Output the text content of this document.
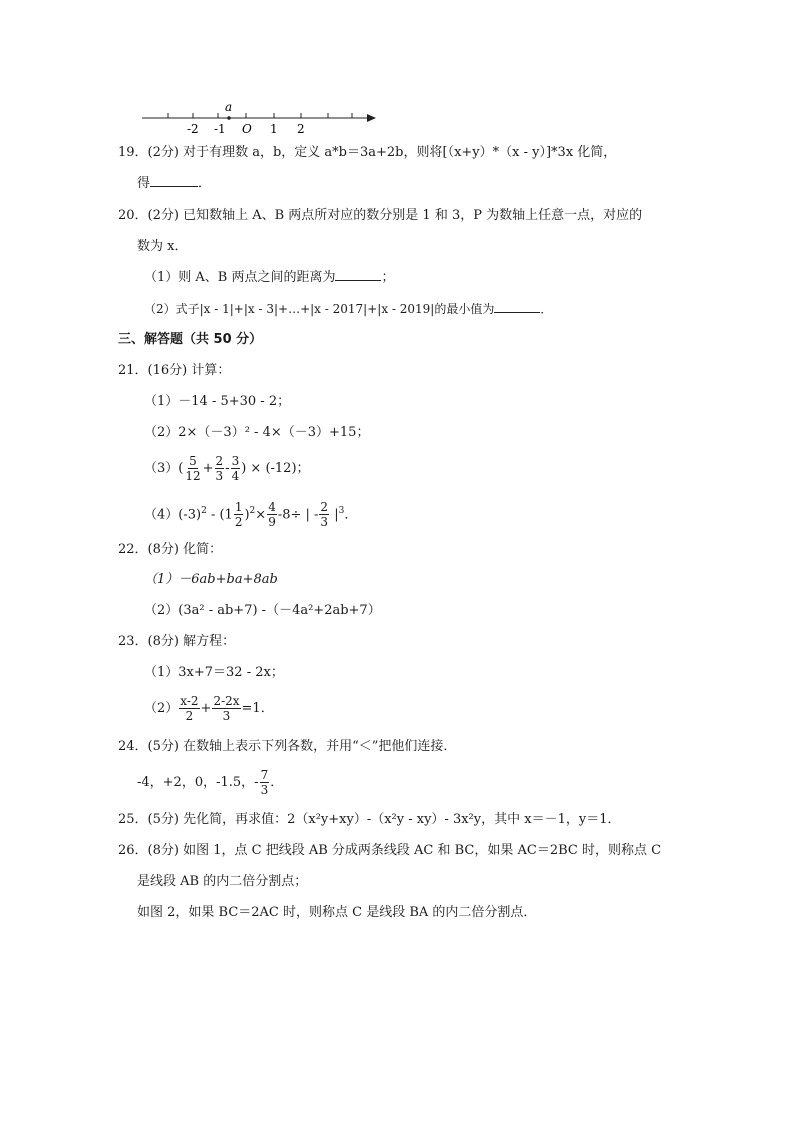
a
-2 -1 O 1 2
19．(2分) 对于有理数 a，b，定义 a*b＝3a+2b，则将[（x+y）*（x - y）]*3x 化简，
得	．
20．(2分) 已知数轴上 A、B 两点所对应的数分别是 1 和 3，P 为数轴上任意一点，对应的
数为 x．
（1）则 A、B 两点之间的距离为	；
（2）式子|x - 1|+|x - 3|+…+|x - 2017|+|x - 2019|的最小值为	．
三、解答题（共 50 分）
21．(16分) 计算：
（1）－14 - 5+30 - 2；
（2）2×（－3）² - 4×（－3）+15；
$(3)( \frac{5}{12} + \frac{2}{3} - \frac{3}{4}$ ) × (-12)；
$(4)(-3)^2 - (1 \frac{1}{2} )^2\times \frac{4}{9} -8\div$ | - $\frac{2}{3} |^3$．
22．(8分) 化简：
（1）－6ab+ba+8ab
（2）(3a² - ab+7) -（－4a²+2ab+7）
23．(8分) 解方程：
（1）3x+7＝32 - 2x；
$(2) \frac{x-2}{2} + \frac{2-2x}{3} =1$．
24．(5分) 在数轴上表示下列各数，并用“＜”把他们连接．
-4，+2，0，-1.5，- $\frac{7}{3}$ ．
25．(5分) 先化简，再求值：2（x²y+xy）-（x²y - xy）- 3x²y，其中 x＝－1，y＝1．
26．(8分) 如图 1，点 C 把线段 AB 分成两条线段 AC 和 BC，如果 AC＝2BC 时，则称点 C
是线段 AB 的内二倍分割点；
如图 2，如果 BC＝2AC 时，则称点 C 是线段 BA 的内二倍分割点．
